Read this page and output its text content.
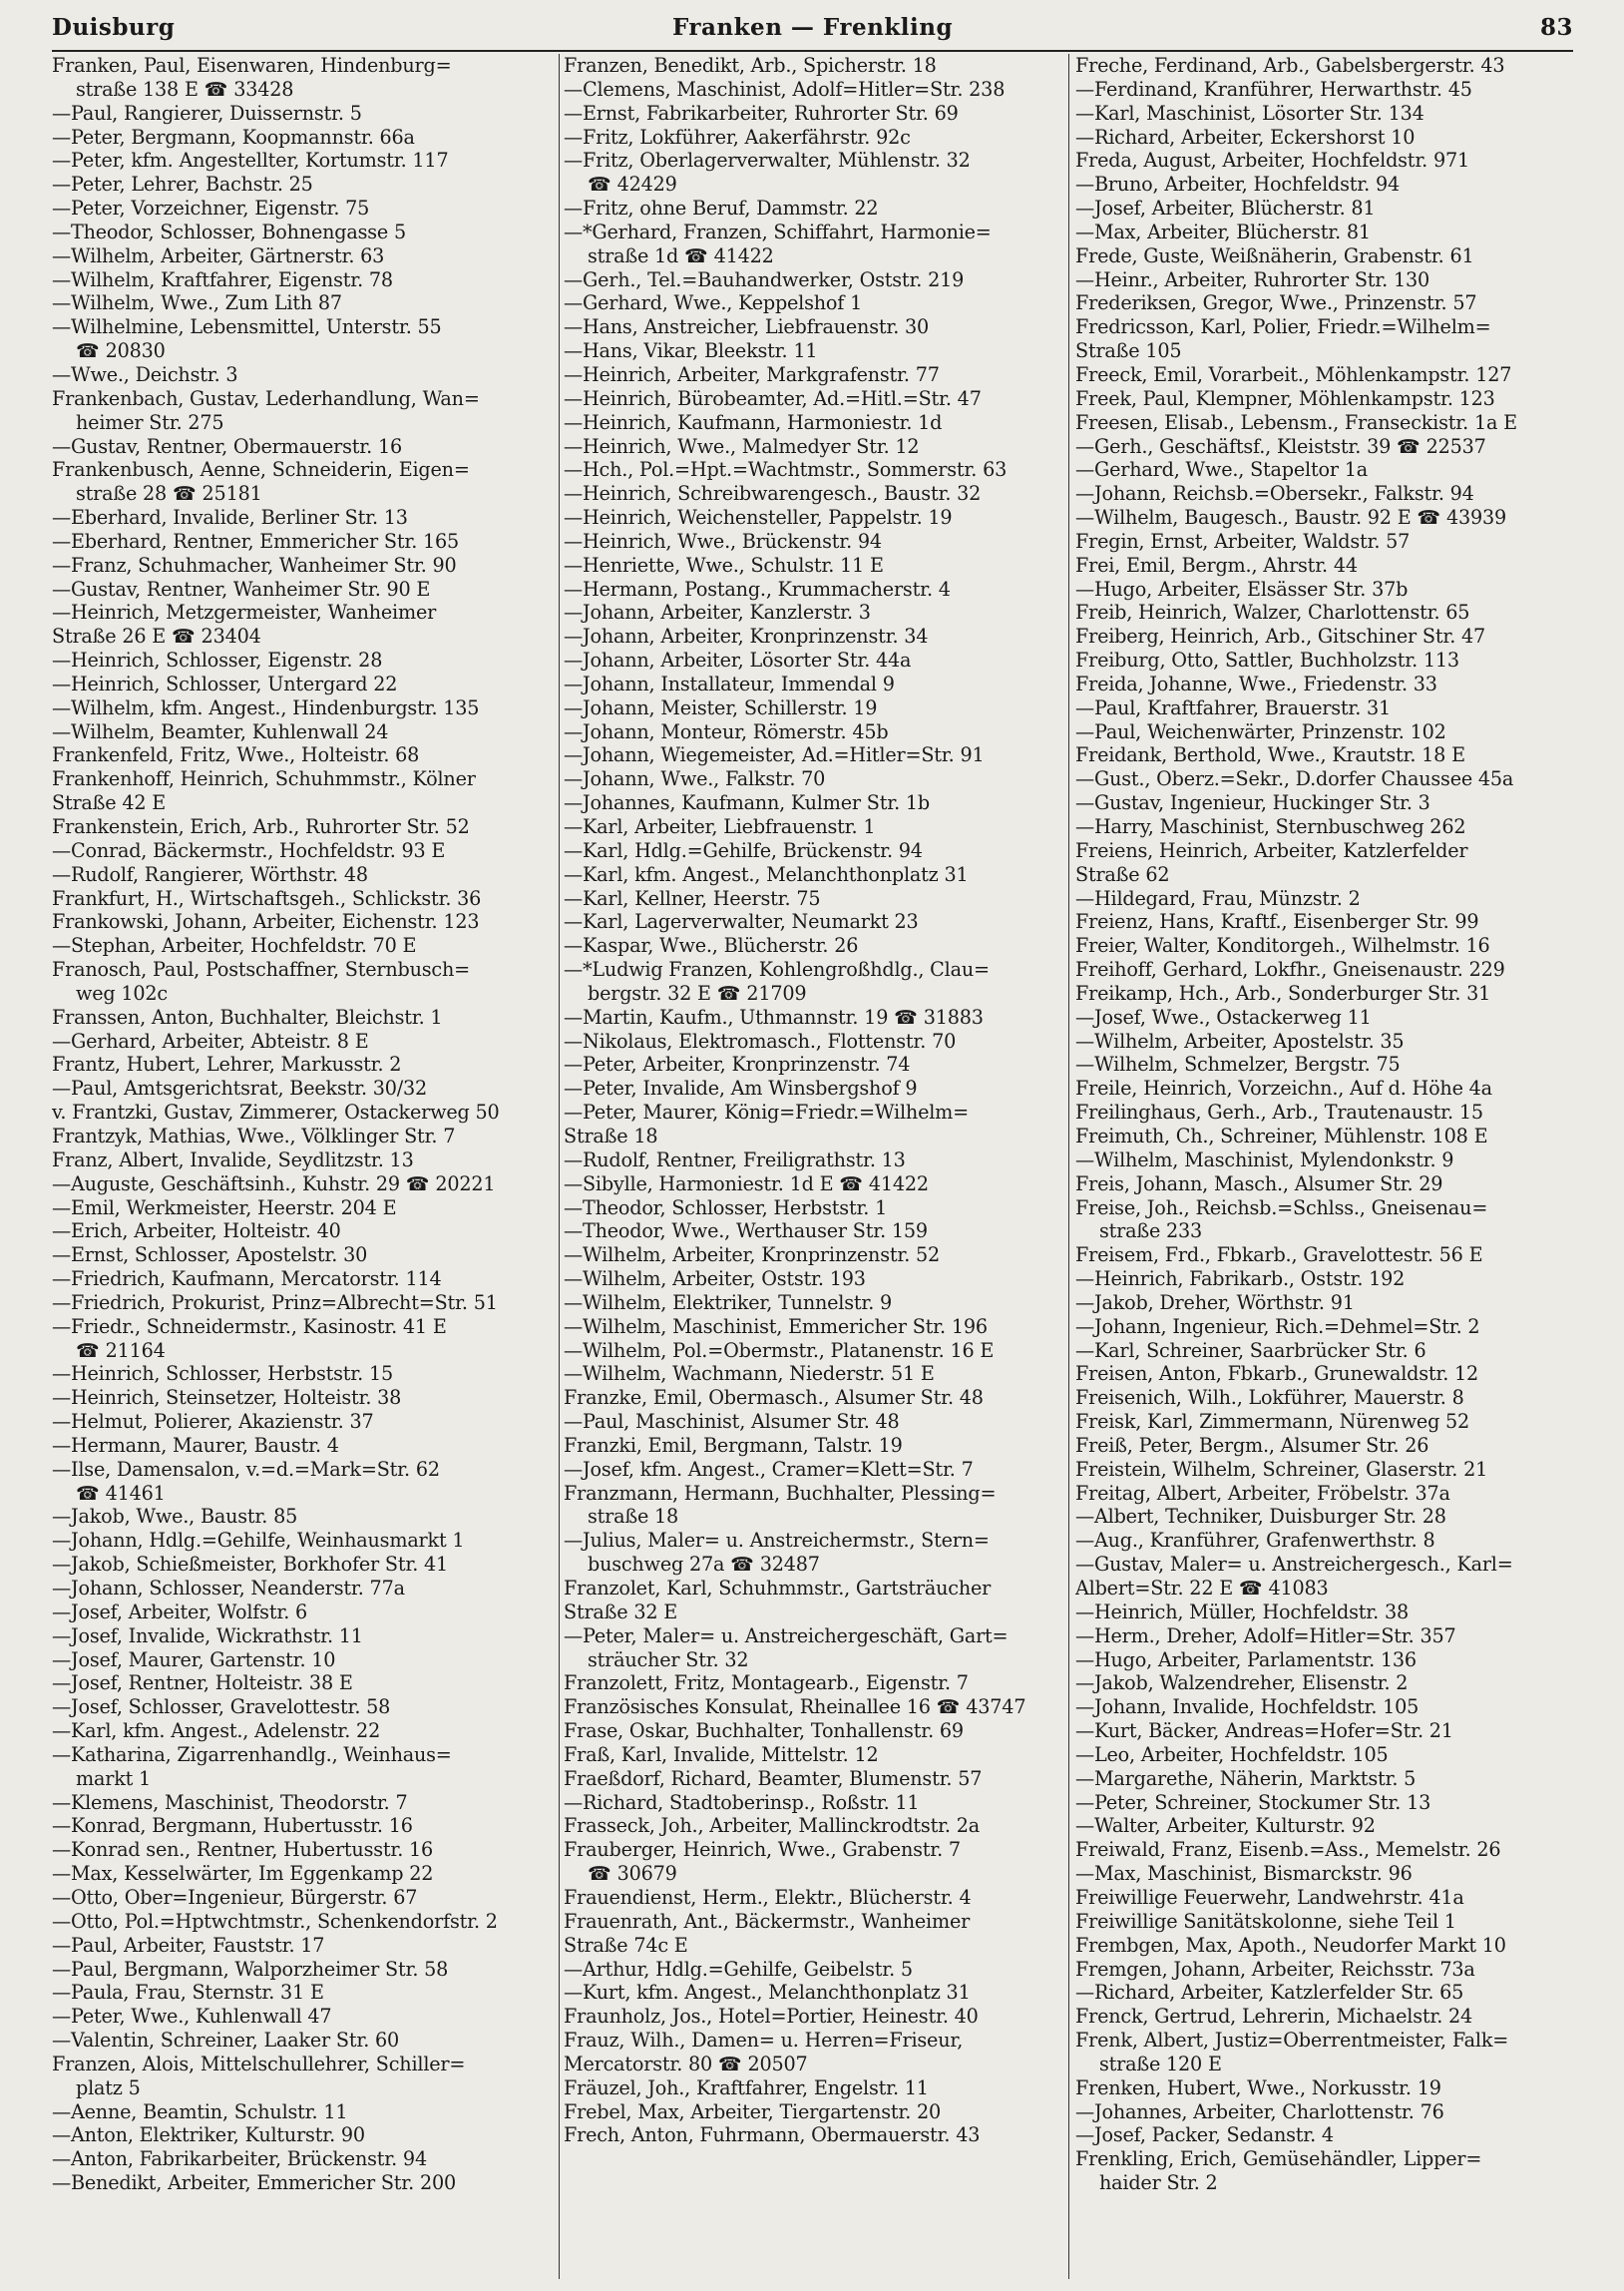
Duisburg	Franken — Frenkling	83
Franken, Paul, Eisenwaren, Hindenburg=
straße 138 E ☎ 33428
—Paul, Rangierer, Duissernstr. 5
—Peter, Bergmann, Koopmannstr. 66a
—Peter, kfm. Angestellter, Kortumstr. 117
—Peter, Lehrer, Bachstr. 25
—Peter, Vorzeichner, Eigenstr. 75
—Theodor, Schlosser, Bohnengasse 5
—Wilhelm, Arbeiter, Gärtnerstr. 63
—Wilhelm, Kraftfahrer, Eigenstr. 78
—Wilhelm, Wwe., Zum Lith 87
—Wilhelmine, Lebensmittel, Unterstr. 55
☎ 20830
—Wwe., Deichstr. 3
Frankenbach, Gustav, Lederhandlung, Wan=
heimer Str. 275
—Gustav, Rentner, Obermauerstr. 16
Frankenbusch, Aenne, Schneiderin, Eigen=
straße 28 ☎ 25181
—Eberhard, Invalide, Berliner Str. 13
—Eberhard, Rentner, Emmericher Str. 165
—Franz, Schuhmacher, Wanheimer Str. 90
—Gustav, Rentner, Wanheimer Str. 90 E
—Heinrich, Metzgermeister, Wanheimer
Straße 26 E ☎ 23404
—Heinrich, Schlosser, Eigenstr. 28
—Heinrich, Schlosser, Untergard 22
—Wilhelm, kfm. Angest., Hindenburgstr. 135
—Wilhelm, Beamter, Kuhlenwall 24
Frankenfeld, Fritz, Wwe., Holteistr. 68
Frankenhoff, Heinrich, Schuhmmstr., Kölner
Straße 42 E
Frankenstein, Erich, Arb., Ruhrorter Str. 52
—Conrad, Bäckermstr., Hochfeldstr. 93 E
—Rudolf, Rangierer, Wörthstr. 48
Frankfurt, H., Wirtschaftsgeh., Schlickstr. 36
Frankowski, Johann, Arbeiter, Eichenstr. 123
—Stephan, Arbeiter, Hochfeldstr. 70 E
Franosch, Paul, Postschaffner, Sternbusch=
weg 102c
Franssen, Anton, Buchhalter, Bleichstr. 1
—Gerhard, Arbeiter, Abteistr. 8 E
Frantz, Hubert, Lehrer, Markusstr. 2
—Paul, Amtsgerichtsrat, Beekstr. 30/32
v. Frantzki, Gustav, Zimmerer, Ostackerweg 50
Frantzyk, Mathias, Wwe., Völklinger Str. 7
Franz, Albert, Invalide, Seydlitzstr. 13
—Auguste, Geschäftsinh., Kuhstr. 29 ☎ 20221
—Emil, Werkmeister, Heerstr. 204 E
—Erich, Arbeiter, Holteistr. 40
—Ernst, Schlosser, Apostelstr. 30
—Friedrich, Kaufmann, Mercatorstr. 114
—Friedrich, Prokurist, Prinz=Albrecht=Str. 51
—Friedr., Schneidermstr., Kasinostr. 41 E
☎ 21164
—Heinrich, Schlosser, Herbststr. 15
—Heinrich, Steinsetzer, Holteistr. 38
—Helmut, Polierer, Akazienstr. 37
—Hermann, Maurer, Baustr. 4
—Ilse, Damensalon, v.=d.=Mark=Str. 62
☎ 41461
—Jakob, Wwe., Baustr. 85
—Johann, Hdlg.=Gehilfe, Weinhausmarkt 1
—Jakob, Schießmeister, Borkhofer Str. 41
—Johann, Schlosser, Neanderstr. 77a
—Josef, Arbeiter, Wolfstr. 6
—Josef, Invalide, Wickrathstr. 11
—Josef, Maurer, Gartenstr. 10
—Josef, Rentner, Holteistr. 38 E
—Josef, Schlosser, Gravelottestr. 58
—Karl, kfm. Angest., Adelenstr. 22
—Katharina, Zigarrenhandlg., Weinhaus=
markt 1
—Klemens, Maschinist, Theodorstr. 7
—Konrad, Bergmann, Hubertusstr. 16
—Konrad sen., Rentner, Hubertusstr. 16
—Max, Kesselwärter, Im Eggenkamp 22
—Otto, Ober=Ingenieur, Bürgerstr. 67
—Otto, Pol.=Hptwchtmstr., Schenkendorfstr. 2
—Paul, Arbeiter, Fauststr. 17
—Paul, Bergmann, Walporzheimer Str. 58
—Paula, Frau, Sternstr. 31 E
—Peter, Wwe., Kuhlenwall 47
—Valentin, Schreiner, Laaker Str. 60
Franzen, Alois, Mittelschullehrer, Schiller=
platz 5
—Aenne, Beamtin, Schulstr. 11
—Anton, Elektriker, Kulturstr. 90
—Anton, Fabrikarbeiter, Brückenstr. 94
—Benedikt, Arbeiter, Emmericher Str. 200
Franzen, Benedikt, Arb., Spicherstr. 18
—Clemens, Maschinist, Adolf=Hitler=Str. 238
—Ernst, Fabrikarbeiter, Ruhrorter Str. 69
—Fritz, Lokführer, Aakerfährstr. 92c
—Fritz, Oberlagerverwalter, Mühlenstr. 32
☎ 42429
—Fritz, ohne Beruf, Dammstr. 22
—*Gerhard, Franzen, Schiffahrt, Harmonie=
straße 1d ☎ 41422
—Gerh., Tel.=Bauhandwerker, Oststr. 219
—Gerhard, Wwe., Keppelshof 1
—Hans, Anstreicher, Liebfrauenstr. 30
—Hans, Vikar, Bleekstr. 11
—Heinrich, Arbeiter, Markgrafenstr. 77
—Heinrich, Bürobeamter, Ad.=Hitl.=Str. 47
—Heinrich, Kaufmann, Harmoniestr. 1d
—Heinrich, Wwe., Malmedyer Str. 12
—Hch., Pol.=Hpt.=Wachtmstr., Sommerstr. 63
—Heinrich, Schreibwarengesch., Baustr. 32
—Heinrich, Weichensteller, Pappelstr. 19
—Heinrich, Wwe., Brückenstr. 94
—Henriette, Wwe., Schulstr. 11 E
—Hermann, Postang., Krummacherstr. 4
—Johann, Arbeiter, Kanzlerstr. 3
—Johann, Arbeiter, Kronprinzenstr. 34
—Johann, Arbeiter, Lösorter Str. 44a
—Johann, Installateur, Immendal 9
—Johann, Meister, Schillerstr. 19
—Johann, Monteur, Römerstr. 45b
—Johann, Wiegemeister, Ad.=Hitler=Str. 91
—Johann, Wwe., Falkstr. 70
—Johannes, Kaufmann, Kulmer Str. 1b
—Karl, Arbeiter, Liebfrauenstr. 1
—Karl, Hdlg.=Gehilfe, Brückenstr. 94
—Karl, kfm. Angest., Melanchthonplatz 31
—Karl, Kellner, Heerstr. 75
—Karl, Lagerverwalter, Neumarkt 23
—Kaspar, Wwe., Blücherstr. 26
—*Ludwig Franzen, Kohlengroßhdlg., Clau=
bergstr. 32 E ☎ 21709
—Martin, Kaufm., Uthmannstr. 19 ☎ 31883
—Nikolaus, Elektromasch., Flottenstr. 70
—Peter, Arbeiter, Kronprinzenstr. 74
—Peter, Invalide, Am Winsbergshof 9
—Peter, Maurer, König=Friedr.=Wilhelm=
Straße 18
—Rudolf, Rentner, Freiligrathstr. 13
—Sibylle, Harmoniestr. 1d E ☎ 41422
—Theodor, Schlosser, Herbststr. 1
—Theodor, Wwe., Werthauser Str. 159
—Wilhelm, Arbeiter, Kronprinzenstr. 52
—Wilhelm, Arbeiter, Oststr. 193
—Wilhelm, Elektriker, Tunnelstr. 9
—Wilhelm, Maschinist, Emmericher Str. 196
—Wilhelm, Pol.=Obermstr., Platanenstr. 16 E
—Wilhelm, Wachmann, Niederstr. 51 E
Franzke, Emil, Obermasch., Alsumer Str. 48
—Paul, Maschinist, Alsumer Str. 48
Franzki, Emil, Bergmann, Talstr. 19
—Josef, kfm. Angest., Cramer=Klett=Str. 7
Franzmann, Hermann, Buchhalter, Plessing=
straße 18
—Julius, Maler= u. Anstreichermstr., Stern=
buschweg 27a ☎ 32487
Franzolet, Karl, Schuhmmstr., Gartsträucher
Straße 32 E
—Peter, Maler= u. Anstreichergeschäft, Gart=
sträucher Str. 32
Franzolett, Fritz, Montagearb., Eigenstr. 7
Französisches Konsulat, Rheinallee 16 ☎ 43747
Frase, Oskar, Buchhalter, Tonhallenstr. 69
Fraß, Karl, Invalide, Mittelstr. 12
Fraeßdorf, Richard, Beamter, Blumenstr. 57
—Richard, Stadtoberinsp., Roßstr. 11
Frasseck, Joh., Arbeiter, Mallinckrodtstr. 2a
Frauberger, Heinrich, Wwe., Grabenstr. 7
☎ 30679
Frauendienst, Herm., Elektr., Blücherstr. 4
Frauenrath, Ant., Bäckermstr., Wanheimer
Straße 74c E
—Arthur, Hdlg.=Gehilfe, Geibelstr. 5
—Kurt, kfm. Angest., Melanchthonplatz 31
Fraunholz, Jos., Hotel=Portier, Heinestr. 40
Frauz, Wilh., Damen= u. Herren=Friseur,
Mercatorstr. 80 ☎ 20507
Fräuzel, Joh., Kraftfahrer, Engelstr. 11
Frebel, Max, Arbeiter, Tiergartenstr. 20
Frech, Anton, Fuhrmann, Obermauerstr. 43
Freche, Ferdinand, Arb., Gabelsbergerstr. 43
—Ferdinand, Kranführer, Herwarthstr. 45
—Karl, Maschinist, Lösorter Str. 134
—Richard, Arbeiter, Eckershorst 10
Freda, August, Arbeiter, Hochfeldstr. 971
—Bruno, Arbeiter, Hochfeldstr. 94
—Josef, Arbeiter, Blücherstr. 81
—Max, Arbeiter, Blücherstr. 81
Frede, Guste, Weißnäherin, Grabenstr. 61
—Heinr., Arbeiter, Ruhrorter Str. 130
Frederiksen, Gregor, Wwe., Prinzenstr. 57
Fredricsson, Karl, Polier, Friedr.=Wilhelm=
Straße 105
Freeck, Emil, Vorarbeit., Möhlenkampstr. 127
Freek, Paul, Klempner, Möhlenkampstr. 123
Freesen, Elisab., Lebensm., Franseckistr. 1a E
—Gerh., Geschäftsf., Kleiststr. 39 ☎ 22537
—Gerhard, Wwe., Stapeltor 1a
—Johann, Reichsb.=Obersekr., Falkstr. 94
—Wilhelm, Baugesch., Baustr. 92 E ☎ 43939
Fregin, Ernst, Arbeiter, Waldstr. 57
Frei, Emil, Bergm., Ahrstr. 44
—Hugo, Arbeiter, Elsässer Str. 37b
Freib, Heinrich, Walzer, Charlottenstr. 65
Freiberg, Heinrich, Arb., Gitschiner Str. 47
Freiburg, Otto, Sattler, Buchholzstr. 113
Freida, Johanne, Wwe., Friedenstr. 33
—Paul, Kraftfahrer, Brauerstr. 31
—Paul, Weichenwärter, Prinzenstr. 102
Freidank, Berthold, Wwe., Krautstr. 18 E
—Gust., Oberz.=Sekr., D.dorfer Chaussee 45a
—Gustav, Ingenieur, Huckinger Str. 3
—Harry, Maschinist, Sternbuschweg 262
Freiens, Heinrich, Arbeiter, Katzlerfelder
Straße 62
—Hildegard, Frau, Münzstr. 2
Freienz, Hans, Kraftf., Eisenberger Str. 99
Freier, Walter, Konditorgeh., Wilhelmstr. 16
Freihoff, Gerhard, Lokfhr., Gneisenaustr. 229
Freikamp, Hch., Arb., Sonderburger Str. 31
—Josef, Wwe., Ostackerweg 11
—Wilhelm, Arbeiter, Apostelstr. 35
—Wilhelm, Schmelzer, Bergstr. 75
Freile, Heinrich, Vorzeichn., Auf d. Höhe 4a
Freilinghaus, Gerh., Arb., Trautenaustr. 15
Freimuth, Ch., Schreiner, Mühlenstr. 108 E
—Wilhelm, Maschinist, Mylendonkstr. 9
Freis, Johann, Masch., Alsumer Str. 29
Freise, Joh., Reichsb.=Schlss., Gneisenau=
straße 233
Freisem, Frd., Fbkarb., Gravelottestr. 56 E
—Heinrich, Fabrikarb., Oststr. 192
—Jakob, Dreher, Wörthstr. 91
—Johann, Ingenieur, Rich.=Dehmel=Str. 2
—Karl, Schreiner, Saarbrücker Str. 6
Freisen, Anton, Fbkarb., Grunewaldstr. 12
Freisenich, Wilh., Lokführer, Mauerstr. 8
Freisk, Karl, Zimmermann, Nürenweg 52
Freiß, Peter, Bergm., Alsumer Str. 26
Freistein, Wilhelm, Schreiner, Glaserstr. 21
Freitag, Albert, Arbeiter, Fröbelstr. 37a
—Albert, Techniker, Duisburger Str. 28
—Aug., Kranführer, Grafenwerthstr. 8
—Gustav, Maler= u. Anstreichergesch., Karl=
Albert=Str. 22 E ☎ 41083
—Heinrich, Müller, Hochfeldstr. 38
—Herm., Dreher, Adolf=Hitler=Str. 357
—Hugo, Arbeiter, Parlamentstr. 136
—Jakob, Walzendreher, Elisenstr. 2
—Johann, Invalide, Hochfeldstr. 105
—Kurt, Bäcker, Andreas=Hofer=Str. 21
—Leo, Arbeiter, Hochfeldstr. 105
—Margarethe, Näherin, Marktstr. 5
—Peter, Schreiner, Stockumer Str. 13
—Walter, Arbeiter, Kulturstr. 92
Freiwald, Franz, Eisenb.=Ass., Memelstr. 26
—Max, Maschinist, Bismarckstr. 96
Freiwillige Feuerwehr, Landwehrstr. 41a
Freiwillige Sanitätskolonne, siehe Teil 1
Frembgen, Max, Apoth., Neudorfer Markt 10
Fremgen, Johann, Arbeiter, Reichsstr. 73a
—Richard, Arbeiter, Katzlerfelder Str. 65
Frenck, Gertrud, Lehrerin, Michaelstr. 24
Frenk, Albert, Justiz=Oberrentmeister, Falk=
straße 120 E
Frenken, Hubert, Wwe., Norkusstr. 19
—Johannes, Arbeiter, Charlottenstr. 76
—Josef, Packer, Sedanstr. 4
Frenkling, Erich, Gemüsehändler, Lipper=
haider Str. 2
